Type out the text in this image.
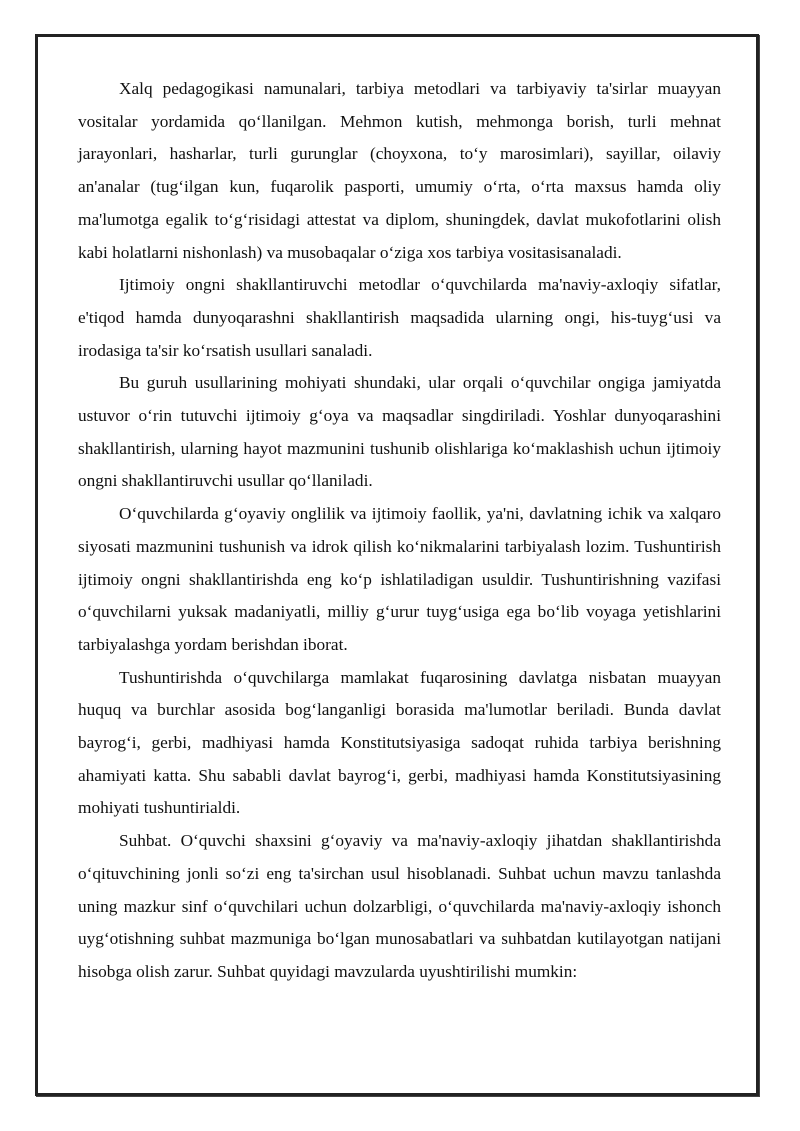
Xalq pedagogikasi namunalari, tarbiya metodlari va tarbiyaviy ta'sirlar muayyan vositalar yordamida qo‘llanilgan. Mehmon kutish, mehmonga borish, turli mehnat jarayonlari, hasharlar, turli gurunglar (choyxona, to‘y marosimlari), sayillar, oilaviy an'analar (tug‘ilgan kun, fuqarolik pasporti, umumiy o‘rta, o‘rta maxsus hamda oliy ma'lumotga egalik to‘g‘risidagi attestat va diplom, shuningdek, davlat mukofotlarini olish kabi holatlarni nishonlash) va musobaqalar o‘ziga xos tarbiya vositasisanaladi.

Ijtimoiy ongni shakllantiruvchi metodlar o‘quvchilarda ma'naviy-axloqiy sifatlar, e'tiqod hamda dunyoqarashni shakllantirish maqsadida ularning ongi, his-tuyg‘usi va irodasiga ta'sir ko‘rsatish usullari sanaladi.

Bu guruh usullarining mohiyati shundaki, ular orqali o‘quvchilar ongiga jamiyatda ustuvor o‘rin tutuvchi ijtimoiy g‘oya va maqsadlar singdiriladi. Yoshlar dunyoqarashini shakllantirish, ularning hayot mazmunini tushunib olishlariga ko‘maklashish uchun ijtimoiy ongni shakllantiruvchi usullar qo‘llaniladi.

O‘quvchilarda g‘oyaviy onglilik va ijtimoiy faollik, ya'ni, davlatning ichik va xalqaro siyosati mazmunini tushunish va idrok qilish ko‘nikmalarini tarbiyalash lozim. Tushuntirish ijtimoiy ongni shakllantirishda eng ko‘p ishlatiladigan usuldir. Tushuntirishning vazifasi o‘quvchilarni yuksak madaniyatli, milliy g‘urur tuyg‘usiga ega bo‘lib voyaga yetishlarini tarbiyalashga yordam berishdan iborat.

Tushuntirishda o‘quvchilarga mamlakat fuqarosining davlatga nisbatan muayyan huquq va burchlar asosida bog‘langanligi borasida ma'lumotlar beriladi. Bunda davlat bayrog‘i, gerbi, madhiyasi hamda Konstitutsiyasiga sadoqat ruhida tarbiya berishning ahamiyati katta. Shu sababli davlat bayrog‘i, gerbi, madhiyasi hamda Konstitutsiyasining mohiyati tushuntirialdi.

Suhbat. O‘quvchi shaxsini g‘oyaviy va ma'naviy-axloqiy jihatdan shakllantirishda o‘qituvchining jonli so‘zi eng ta'sirchan usul hisoblanadi. Suhbat uchun mavzu tanlashda uning mazkur sinf o‘quvchilari uchun dolzarbligi, o‘quvchilarda ma'naviy-axloqiy ishonch uyg‘otishning suhbat mazmuniga bo‘lgan munosabatlari va suhbatdan kutilayotgan natijani hisobga olish zarur. Suhbat quyidagi mavzularda uyushtirilishi mumkin:
